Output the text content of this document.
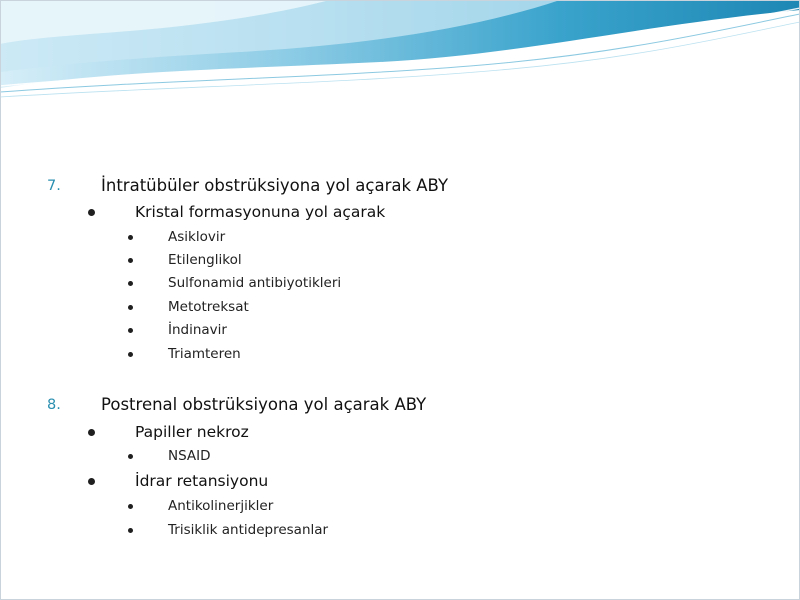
7. İntratübüler obstrüksiyona yol açarak ABY
Kristal formasyonuna yol açarak
Asiklovir
Etilenglikol
Sulfonamid antibiyotikleri
Metotreksat
İndinavir
Triamteren
8. Postrenal obstrüksiyona yol açarak ABY
Papiller nekroz
NSAID
İdrar retansiyonu
Antikolinerjikler
Trisiklik antidepresanlar
